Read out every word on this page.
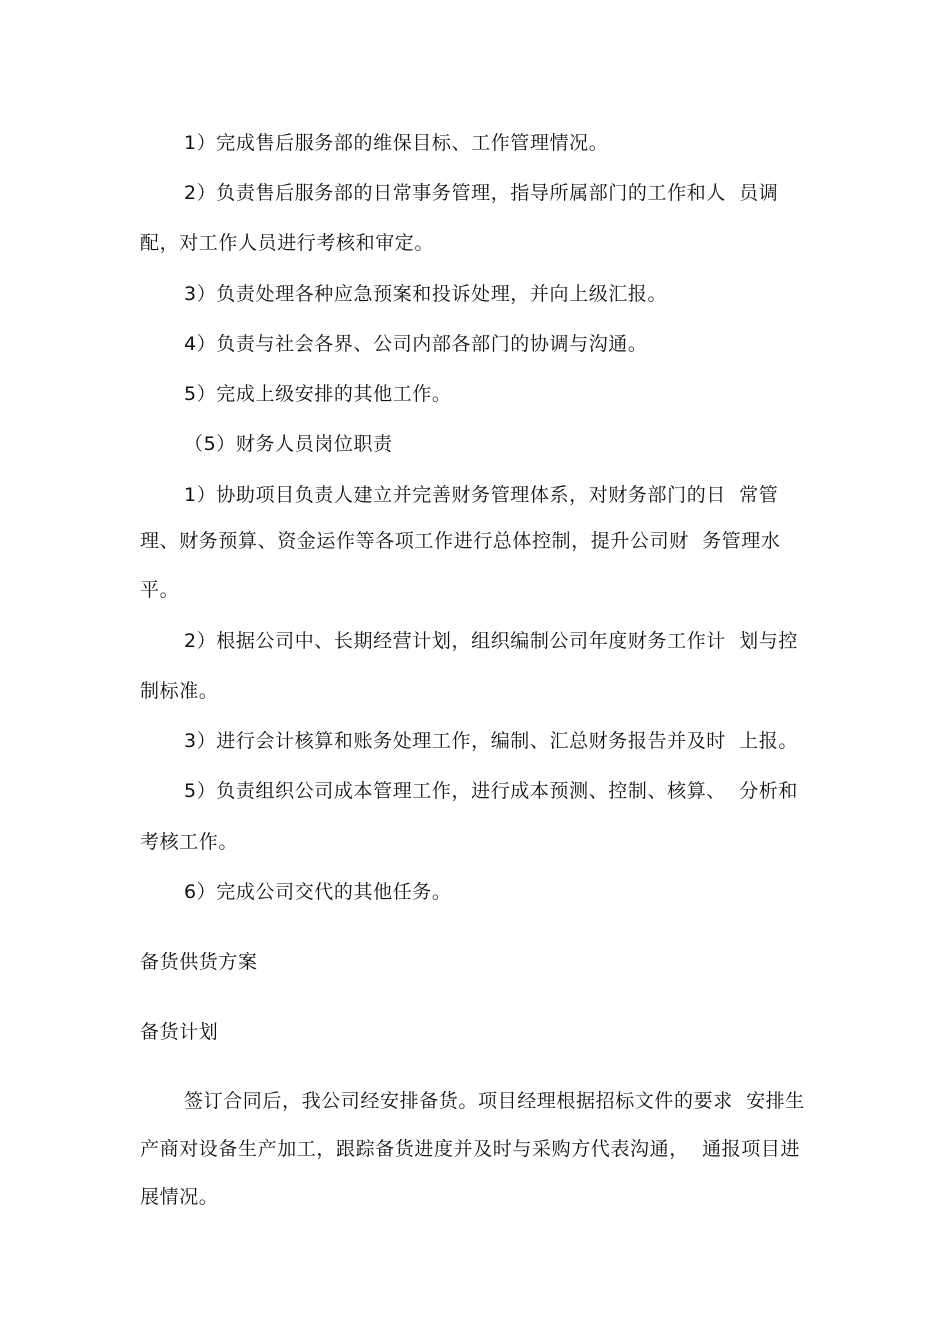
1）完成售后服务部的维保目标、工作管理情况。
2）负责售后服务部的日常事务管理，指导所属部门的工作和人  员调
配，对工作人员进行考核和审定。
3）负责处理各种应急预案和投诉处理，并向上级汇报。
4）负责与社会各界、公司内部各部门的协调与沟通。
5）完成上级安排的其他工作。
（5）财务人员岗位职责
1）协助项目负责人建立并完善财务管理体系，对财务部门的日  常管
理、财务预算、资金运作等各项工作进行总体控制，提升公司财  务管理水
平。
2）根据公司中、长期经营计划，组织编制公司年度财务工作计  划与控
制标准。
3）进行会计核算和账务处理工作，编制、汇总财务报告并及时  上报。
5）负责组织公司成本管理工作，进行成本预测、控制、核算、  分析和
考核工作。
6）完成公司交代的其他任务。
备货供货方案
备货计划
签订合同后，我公司经安排备货。项目经理根据招标文件的要求  安排生
产商对设备生产加工，跟踪备货进度并及时与采购方代表沟通，  通报项目进
展情况。
